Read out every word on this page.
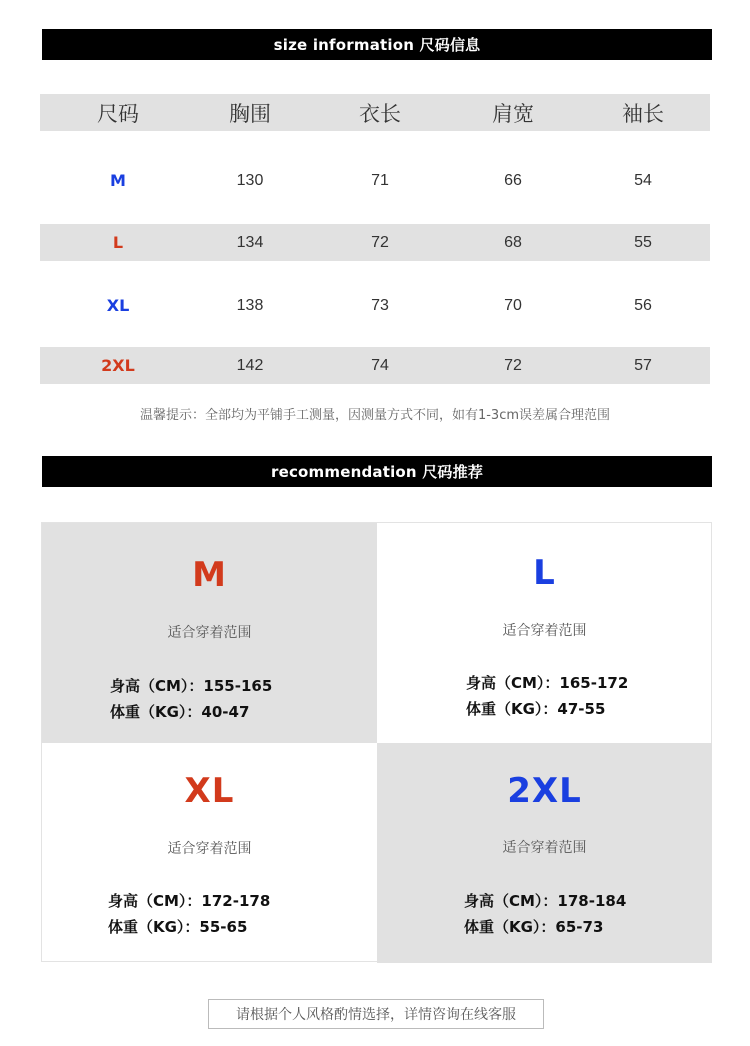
size information 尺码信息
尺码	胸围	衣长	肩宽	袖长
M	130	71	66	54
L	134	72	68	55
XL	138	73	70	56
2XL	142	74	72	57
温馨提示：全部均为平铺手工测量，因测量方式不同，如有1-3cm误差属合理范围
recommendation 尺码推荐
M
适合穿着范围
身高（CM）：155-165
体重（KG）：40-47
L
适合穿着范围
身高（CM）：165-172
体重（KG）：47-55
XL
适合穿着范围
身高（CM）：172-178
体重（KG）：55-65
2XL
适合穿着范围
身高（CM）：178-184
体重（KG）：65-73
请根据个人风格酌情选择，详情咨询在线客服
